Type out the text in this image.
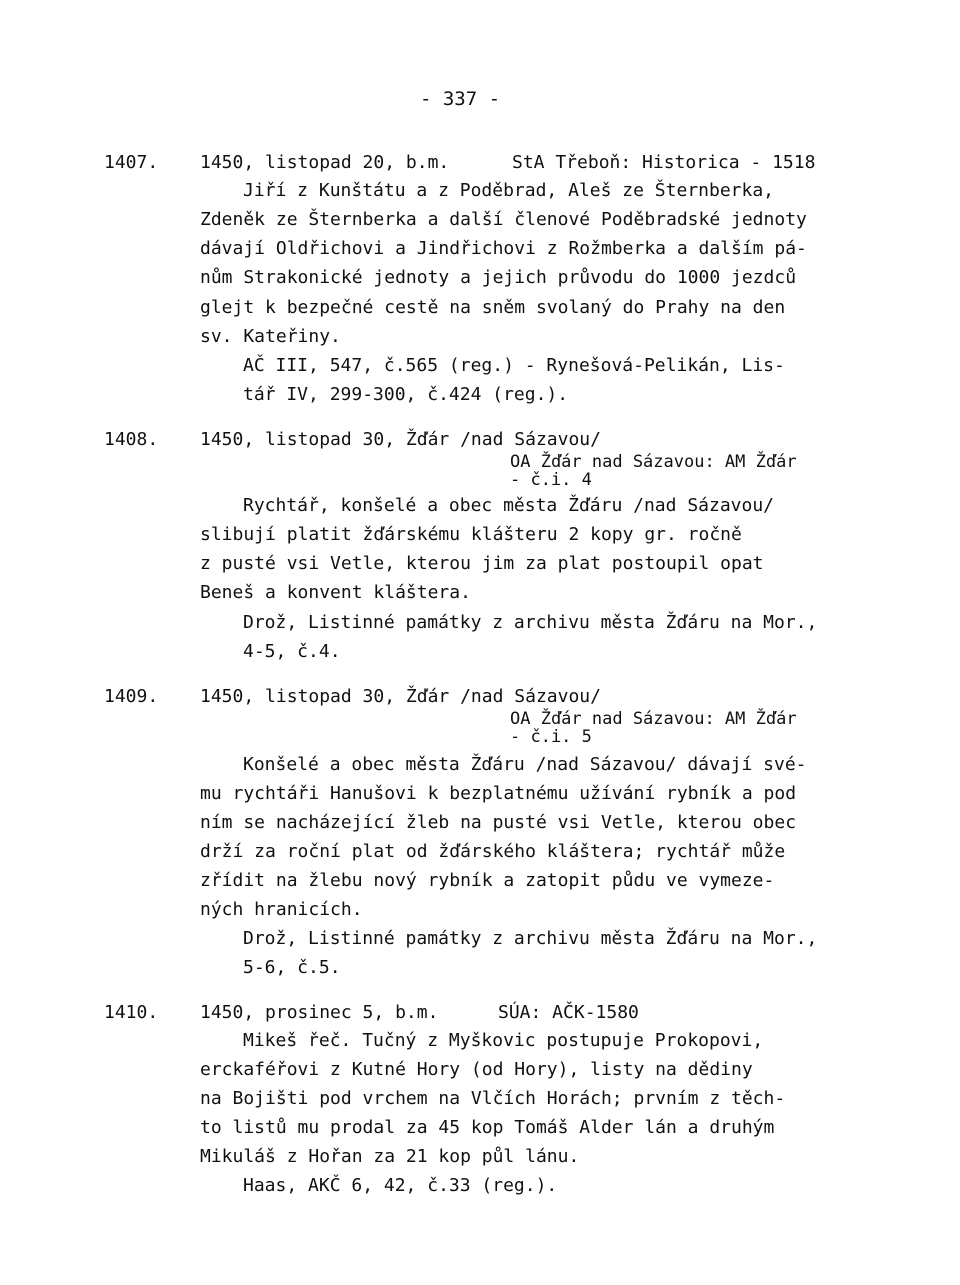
- 337 -
1407. 1450, listopad 20, b.m.	StA Třeboň: Historica - 1518
Jiří z Kunštátu a z Poděbrad, Aleš ze Šternberka,
Zdeněk ze Šternberka a další členové Poděbradské jednoty
dávají Oldřichovi a Jindřichovi z Rožmberka a dalším pá-
nům Strakonické jednoty a jejich průvodu do 1000 jezdců
glejt k bezpečné cestě na sněm svolaný do Prahy na den
sv. Kateřiny.
AČ III, 547, č.565 (reg.) - Rynešová-Pelikán, Lis-
tář IV, 299-300, č.424 (reg.).
1408. 1450, listopad 30, Žďár /nad Sázavou/
OA Žďár nad Sázavou: AM Žďár
- č.i. 4
Rychtář, konšelé a obec města Žďáru /nad Sázavou/
slibují platit žďárskému klášteru 2 kopy gr. ročně
z pusté vsi Vetle, kterou jim za plat postoupil opat
Beneš a konvent kláštera.
Drož, Listinné památky z archivu města Žďáru na Mor.,
4-5, č.4.
1409. 1450, listopad 30, Žďár /nad Sázavou/
OA Žďár nad Sázavou: AM Žďár
- č.i. 5
Konšelé a obec města Žďáru /nad Sázavou/ dávají své-
mu rychtáři Hanušovi k bezplatnému užívání rybník a pod
ním se nacházející žleb na pusté vsi Vetle, kterou obec
drží za roční plat od žďárského kláštera; rychtář může
zřídit na žlebu nový rybník a zatopit půdu ve vymeze-
ných hranicích.
Drož, Listinné památky z archivu města Žďáru na Mor.,
5-6, č.5.
1410. 1450, prosinec 5, b.m.	SÚA: AČK-1580
Mikeš řeč. Tučný z Myškovic postupuje Prokopovi,
erckaféřovi z Kutné Hory (od Hory), listy na dědiny
na Bojišti pod vrchem na Vlčích Horách; prvním z těch-
to listů mu prodal za 45 kop Tomáš Alder lán a druhým
Mikuláš z Hořan za 21 kop půl lánu.
Haas, AKČ 6, 42, č.33 (reg.).
